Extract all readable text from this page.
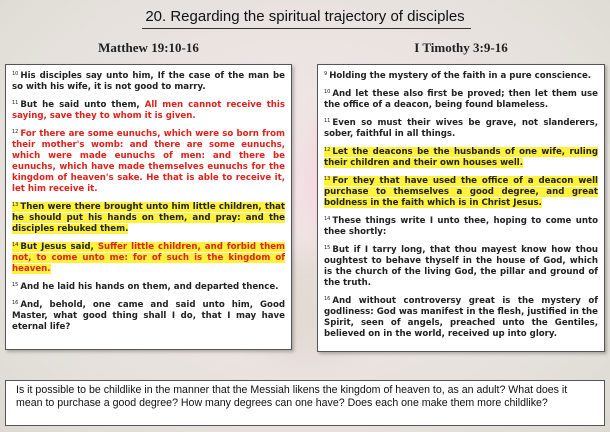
20. Regarding the spiritual trajectory of disciples
Matthew 19:10-16	I Timothy 3:9-16

$^{10}$ His disciples say unto him, If the case of the man be so with his wife, it is not good to marry.

$^{11}$ But he said unto them, All men cannot receive this saying, save they to whom it is given.

$^{12}$ For there are some eunuchs, which were so born from their mother's womb: and there are some eunuchs, which were made eunuchs of men: and there be eunuchs, which have made themselves eunuchs for the kingdom of heaven's sake. He that is able to receive it, let him receive it.

$^{13}$ Then were there brought unto him little children, that he should put his hands on them, and pray: and the disciples rebuked them.

$^{14}$ But Jesus said, Suffer little children, and forbid them not, to come unto me: for of such is the kingdom of heaven.

$^{15}$ And he laid his hands on them, and departed thence.

$^{16}$ And, behold, one came and said unto him, Good Master, what good thing shall I do, that I may have eternal life?

$^9$ Holding the mystery of the faith in a pure conscience.

$^{10}$ And let these also first be proved; then let them use the office of a deacon, being found blameless.

$^{11}$ Even so must their wives be grave, not slanderers, sober, faithful in all things.

$^{12}$ Let the deacons be the husbands of one wife, ruling their children and their own houses well.

$^{13}$ For they that have used the office of a deacon well purchase to themselves a good degree, and great boldness in the faith which is in Christ Jesus.

$^{14}$ These things write I unto thee, hoping to come unto thee shortly:

$^{15}$ But if I tarry long, that thou mayest know how thou oughtest to behave thyself in the house of God, which is the church of the living God, the pillar and ground of the truth.

$^{16}$ And without controversy great is the mystery of godliness: God was manifest in the flesh, justified in the Spirit, seen of angels, preached unto the Gentiles, believed on in the world, received up into glory.

Is it possible to be childlike in the manner that the Messiah likens the kingdom of heaven to, as an adult? What does it mean to purchase a good degree? How many degrees can one have? Does each one make them more childlike?
